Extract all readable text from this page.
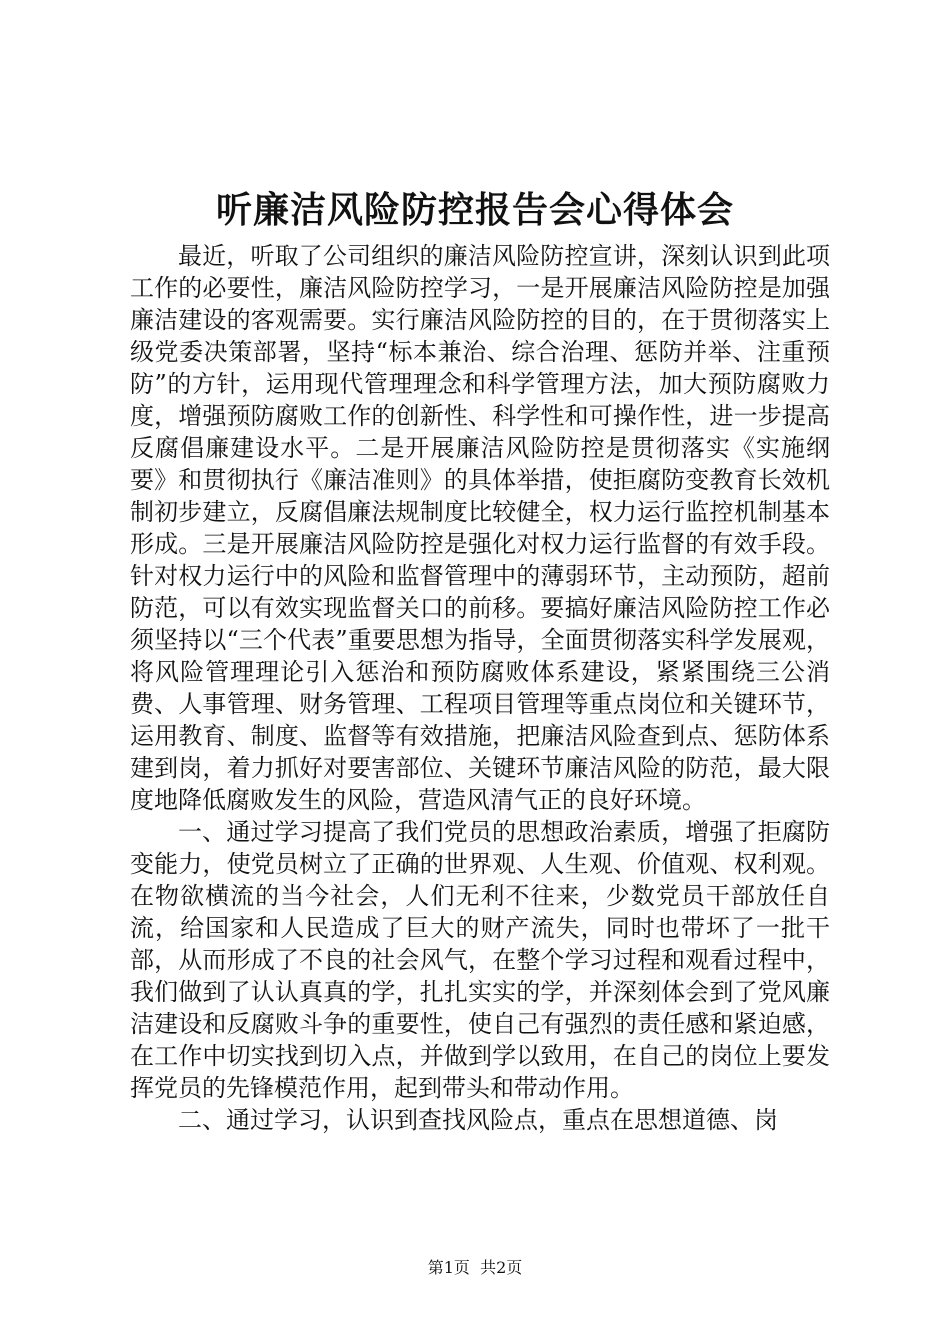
听廉洁风险防控报告会心得体会

最近，听取了公司组织的廉洁风险防控宣讲，深刻认识到此项工作的必要性，廉洁风险防控学习，一是开展廉洁风险防控是加强廉洁建设的客观需要。实行廉洁风险防控的目的，在于贯彻落实上级党委决策部署，坚持“标本兼治、综合治理、惩防并举、注重预防”的方针，运用现代管理理念和科学管理方法，加大预防腐败力度，增强预防腐败工作的创新性、科学性和可操作性，进一步提高反腐倡廉建设水平。二是开展廉洁风险防控是贯彻落实《实施纲要》和贯彻执行《廉洁准则》的具体举措，使拒腐防变教育长效机制初步建立，反腐倡廉法规制度比较健全，权力运行监控机制基本形成。三是开展廉洁风险防控是强化对权力运行监督的有效手段。针对权力运行中的风险和监督管理中的薄弱环节，主动预防，超前防范，可以有效实现监督关口的前移。要搞好廉洁风险防控工作必须坚持以“三个代表”重要思想为指导，全面贯彻落实科学发展观，将风险管理理论引入惩治和预防腐败体系建设，紧紧围绕三公消费、人事管理、财务管理、工程项目管理等重点岗位和关键环节，运用教育、制度、监督等有效措施，把廉洁风险查到点、惩防体系建到岗，着力抓好对要害部位、关键环节廉洁风险的防范，最大限度地降低腐败发生的风险，营造风清气正的良好环境。

一、通过学习提高了我们党员的思想政治素质，增强了拒腐防变能力，使党员树立了正确的世界观、人生观、价值观、权利观。在物欲横流的当今社会，人们无利不往来，少数党员干部放任自流，给国家和人民造成了巨大的财产流失，同时也带坏了一批干部，从而形成了不良的社会风气，在整个学习过程和观看过程中，我们做到了认认真真的学，扎扎实实的学，并深刻体会到了党风廉洁建设和反腐败斗争的重要性，使自己有强烈的责任感和紧迫感，在工作中切实找到切入点，并做到学以致用，在自己的岗位上要发挥党员的先锋模范作用，起到带头和带动作用。

二、通过学习，认识到查找风险点，重点在思想道德、岗

第1页  共2页
